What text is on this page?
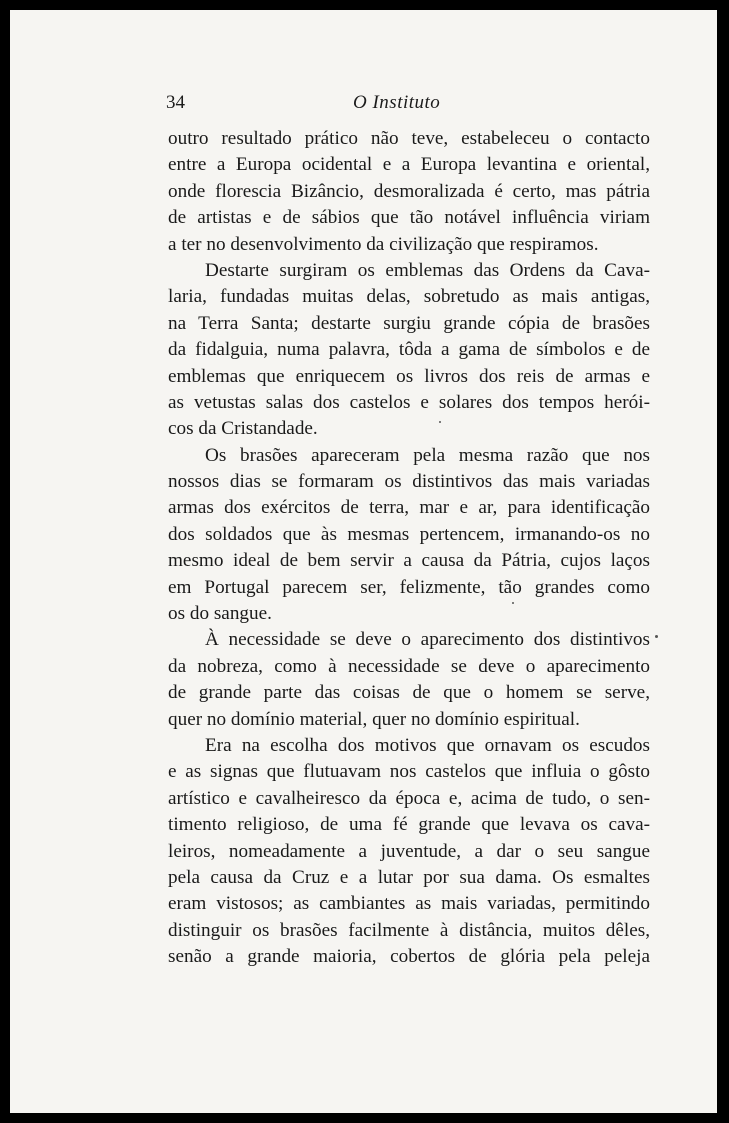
34	O Instituto
outro resultado prático não teve, estabeleceu o contacto
entre a Europa ocidental e a Europa levantina e oriental,
onde florescia Bizâncio, desmoralizada é certo, mas pátria
de artistas e de sábios que tão notável influência viriam
a ter no desenvolvimento da civilização que respiramos.
Destarte surgiram os emblemas das Ordens da Cava-
laria, fundadas muitas delas, sobretudo as mais antigas,
na Terra Santa; destarte surgiu grande cópia de brasões
da fidalguia, numa palavra, tôda a gama de símbolos e de
emblemas que enriquecem os livros dos reis de armas e
as vetustas salas dos castelos e solares dos tempos herói-
cos da Cristandade.
Os brasões apareceram pela mesma razão que nos
nossos dias se formaram os distintivos das mais variadas
armas dos exércitos de terra, mar e ar, para identificação
dos soldados que às mesmas pertencem, irmanando-os no
mesmo ideal de bem servir a causa da Pátria, cujos laços
em Portugal parecem ser, felizmente, tão grandes como
os do sangue.
À necessidade se deve o aparecimento dos distintivos
da nobreza, como à necessidade se deve o aparecimento
de grande parte das coisas de que o homem se serve,
quer no domínio material, quer no domínio espiritual.
Era na escolha dos motivos que ornavam os escudos
e as signas que flutuavam nos castelos que influia o gôsto
artístico e cavalheiresco da época e, acima de tudo, o sen-
timento religioso, de uma fé grande que levava os cava-
leiros, nomeadamente a juventude, a dar o seu sangue
pela causa da Cruz e a lutar por sua dama. Os esmaltes
eram vistosos; as cambiantes as mais variadas, permitindo
distinguir os brasões facilmente à distância, muitos dêles,
senão a grande maioria, cobertos de glória pela peleja
